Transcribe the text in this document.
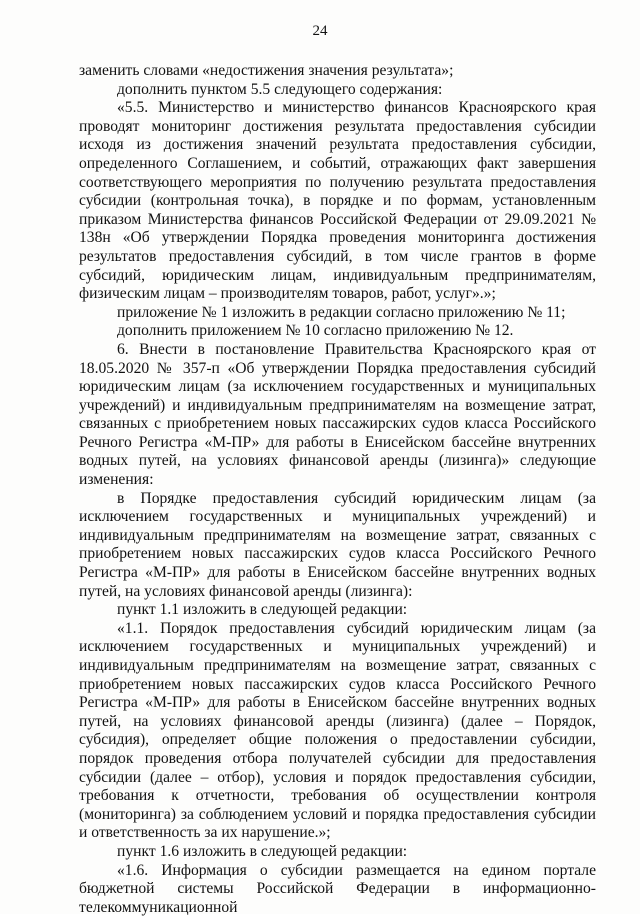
24

заменить словами «недостижения значения результата»;

дополнить пунктом 5.5 следующего содержания:

«5.5. Министерство и министерство финансов Красноярского края проводят мониторинг достижения результата предоставления субсидии исходя из достижения значений результата предоставления субсидии, определенного Соглашением, и событий, отражающих факт завершения соответствующего мероприятия по получению результата предоставления субсидии (контрольная точка), в порядке и по формам, установленным приказом Министерства финансов Российской Федерации от 29.09.2021 № 138н «Об утверждении Порядка проведения мониторинга достижения результатов предоставления субсидий, в том числе грантов в форме субсидий, юридическим лицам, индивидуальным предпринимателям, физическим лицам – производителям товаров, работ, услуг».»;

приложение № 1 изложить в редакции согласно приложению № 11;

дополнить приложением № 10 согласно приложению № 12.

6. Внести в постановление Правительства Красноярского края от 18.05.2020 № 357-п «Об утверждении Порядка предоставления субсидий юридическим лицам (за исключением государственных и муниципальных учреждений) и индивидуальным предпринимателям на возмещение затрат, связанных с приобретением новых пассажирских судов класса Российского Речного Регистра «М-ПР» для работы в Енисейском бассейне внутренних водных путей, на условиях финансовой аренды (лизинга)» следующие изменения:

в Порядке предоставления субсидий юридическим лицам (за исключением государственных и муниципальных учреждений) и индивидуальным предпринимателям на возмещение затрат, связанных с приобретением новых пассажирских судов класса Российского Речного Регистра «М-ПР» для работы в Енисейском бассейне внутренних водных путей, на условиях финансовой аренды (лизинга):

пункт 1.1 изложить в следующей редакции:

«1.1. Порядок предоставления субсидий юридическим лицам (за исключением государственных и муниципальных учреждений) и индивидуальным предпринимателям на возмещение затрат, связанных с приобретением новых пассажирских судов класса Российского Речного Регистра «М-ПР» для работы в Енисейском бассейне внутренних водных путей, на условиях финансовой аренды (лизинга) (далее – Порядок, субсидия), определяет общие положения о предоставлении субсидии, порядок проведения отбора получателей субсидии для предоставления субсидии (далее – отбор), условия и порядок предоставления субсидии, требования к отчетности, требования об осуществлении контроля (мониторинга) за соблюдением условий и порядка предоставления субсидии и ответственность за их нарушение.»;

пункт 1.6 изложить в следующей редакции:

«1.6. Информация о субсидии размещается на едином портале бюджетной системы Российской Федерации в информационно-телекоммуникационной
